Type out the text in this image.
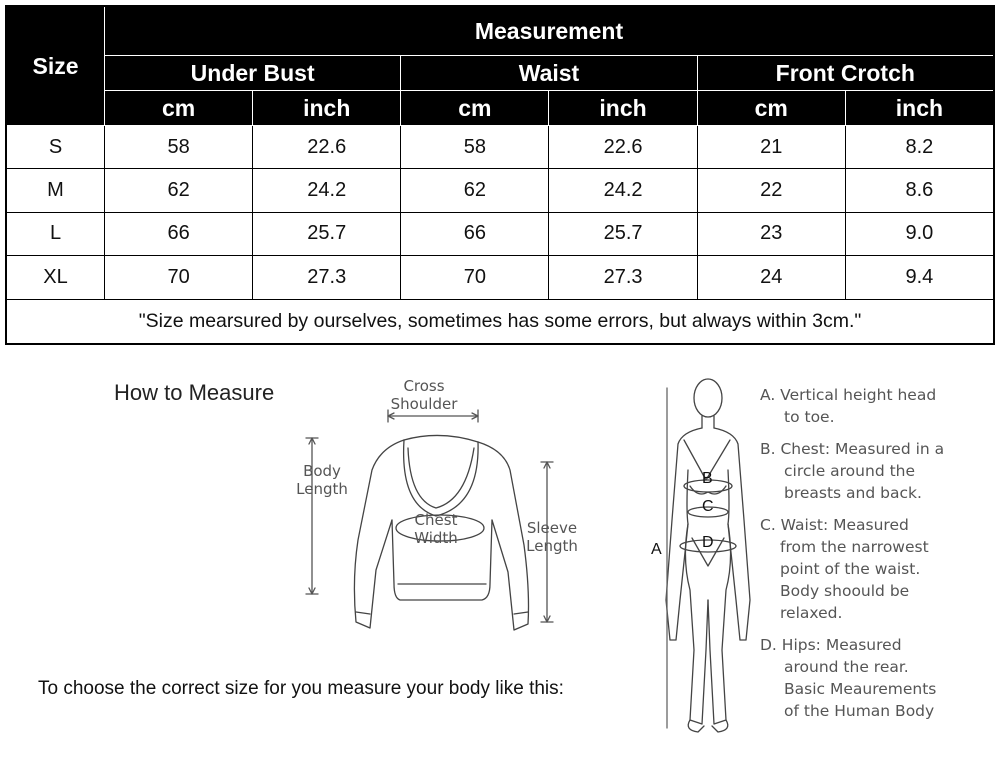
Size	Measurement					
	Under Bust		Waist		Front Crotch	
	cm	inch	cm	inch	cm	inch
S	58	22.6	58	22.6	21	8.2
M	62	24.2	62	24.2	22	8.6
L	66	25.7	66	25.7	23	9.0
XL	70	27.3	70	27.3	24	9.4
"Size mearsured by ourselves, sometimes has some errors, but always within 3cm."						
How to Measure	Cross
Shoulder
Body
Length
Chest
Width
Sleeve
Length	A
B
C
D
A. Vertical height head
to toe.
B. Chest: Measured in a
circle around the
breasts and back.
C. Waist: Measured
from the narrowest
point of the waist.
Body shoould be
relaxed.
D. Hips: Measured
around the rear.
Basic Meaurements
of the Human Body
To choose the correct size for you measure your body like this:
